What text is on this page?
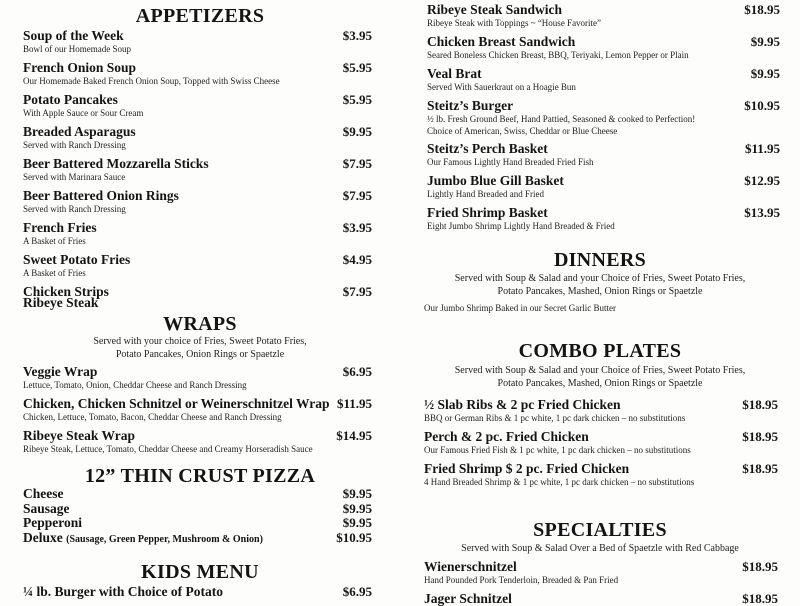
APPETIZERS
Ribeye Steak
WRAPS
Served with your choice of Fries, Sweet Potato Fries,
Potato Pancakes, Onion Rings or Spaetzle
12” THIN CRUST PIZZA
KIDS MENU
Soup of the Week	$3.95
Bowl of our Homemade Soup
French Onion Soup	$5.95
Our Homemade Baked French Onion Soup, Topped with Swiss Cheese
Potato Pancakes	$5.95
With Apple Sauce or Sour Cream
Breaded Asparagus	$9.95
Served with Ranch Dressing
Beer Battered Mozzarella Sticks	$7.95
Served with Marinara Sauce
Beer Battered Onion Rings	$7.95
Served with Ranch Dressing
French Fries	$3.95
A Basket of Fries
Sweet Potato Fries	$4.95
A Basket of Fries
Chicken Strips	$7.95
Veggie Wrap	$6.95
Lettuce, Tomato, Onion, Cheddar Cheese and Ranch Dressing
Chicken, Chicken Schnitzel or Weinerschnitzel Wrap $11.95
Chicken, Lettuce, Tomato, Bacon, Cheddar Cheese and Ranch Dressing
Ribeye Steak Wrap	$14.95
Ribeye Steak, Lettuce, Tomato, Cheddar Cheese and Creamy Horseradish Sauce
Cheese	$9.95
Sausage	$9.95
Pepperoni	$9.95
Deluxe (Sausage, Green Pepper, Mushroom & Onion)	$10.95
¼ lb. Burger with Choice of Potato	$6.95
DINNERS
Served with Soup & Salad and your Choice of Fries, Sweet Potato Fries,
Potato Pancakes, Mashed, Onion Rings or Spaetzle
Our Jumbo Shrimp Baked in our Secret Garlic Butter
COMBO PLATES
Served with Soup & Salad and your Choice of Fries, Sweet Potato Fries,
Potato Pancakes, Mashed, Onion Rings or Spaetzle
SPECIALTIES
Served with Soup & Salad Over a Bed of Spaetzle with Red Cabbage
Ribeye Steak Sandwich	$18.95
Ribeye Steak with Toppings ~ “House Favorite”
Chicken Breast Sandwich	$9.95
Seared Boneless Chicken Breast, BBQ, Teriyaki, Lemon Pepper or Plain
Veal Brat	$9.95
Served With Sauerkraut on a Hoagie Bun
Steitz’s Burger	$10.95
½ lb. Fresh Ground Beef, Hand Pattied, Seasoned & cooked to Perfection!
Choice of American, Swiss, Cheddar or Blue Cheese
Steitz’s Perch Basket	$11.95
Our Famous Lightly Hand Breaded Fried Fish
Jumbo Blue Gill Basket	$12.95
Lightly Hand Breaded and Fried
Fried Shrimp Basket	$13.95
Eight Jumbo Shrimp Lightly Hand Breaded & Fried
½ Slab Ribs & 2 pc Fried Chicken	$18.95
BBQ or German Ribs & 1 pc white, 1 pc dark chicken – no substitutions
Perch & 2 pc. Fried Chicken	$18.95
Our Famous Fried Fish & 1 pc white, 1 pc dark chicken – no substitutions
Fried Shrimp $ 2 pc. Fried Chicken	$18.95
4 Hand Breaded Shrimp & 1 pc white, 1 pc dark chicken – no substitutions
Wienerschnitzel	$18.95
Hand Pounded Pork Tenderloin, Breaded & Pan Fried
Jager Schnitzel	$18.95
